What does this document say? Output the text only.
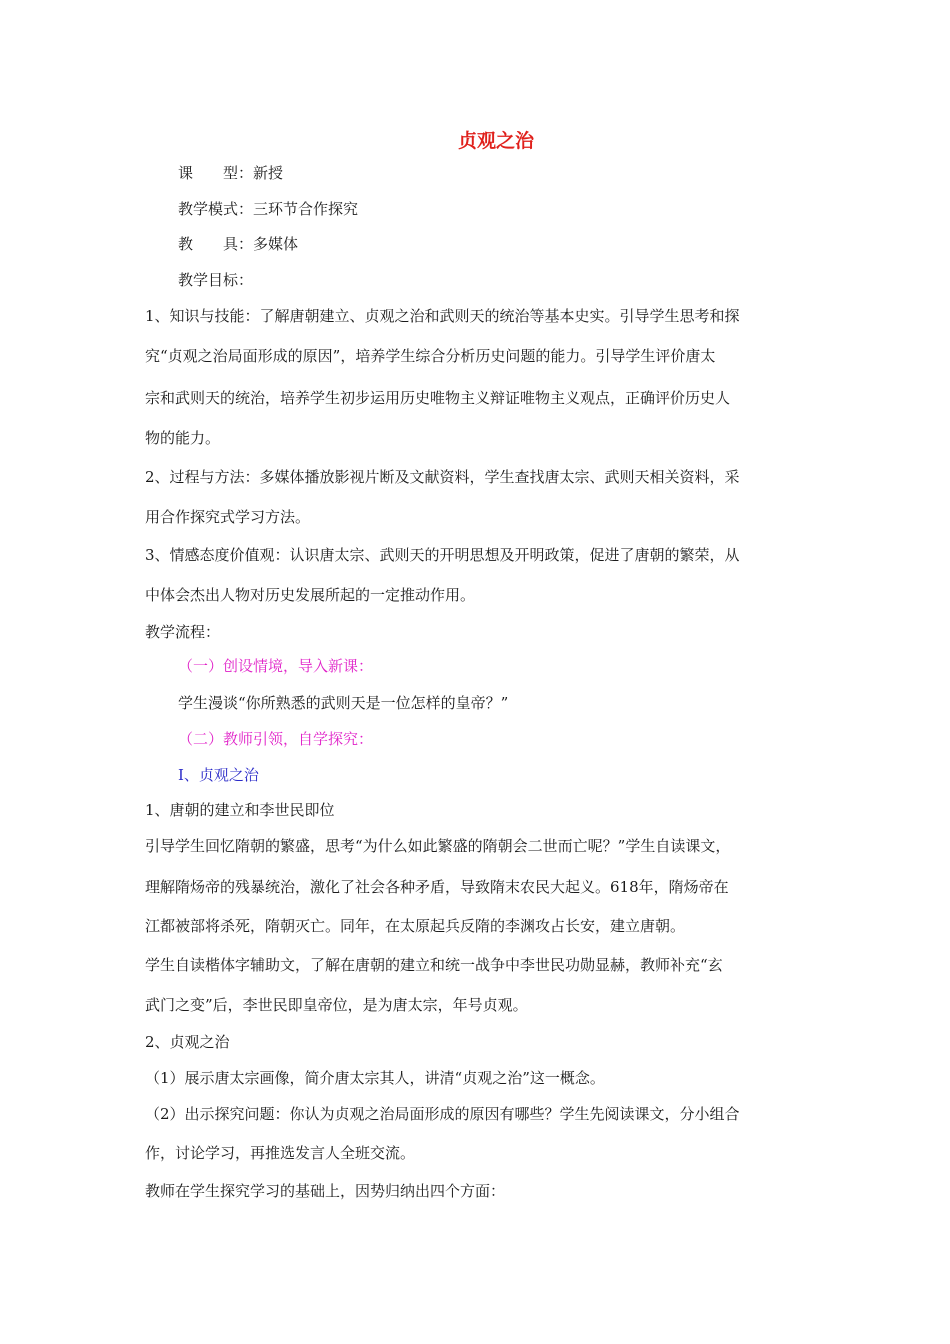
贞观之治
课　　型：新授
教学模式：三环节合作探究
教　　具：多媒体
教学目标：
1、知识与技能：了解唐朝建立、贞观之治和武则天的统治等基本史实。引导学生思考和探
究“贞观之治局面形成的原因”，培养学生综合分析历史问题的能力。引导学生评价唐太
宗和武则天的统治，培养学生初步运用历史唯物主义辩证唯物主义观点，正确评价历史人
物的能力。
2、过程与方法：多媒体播放影视片断及文献资料，学生查找唐太宗、武则天相关资料，采
用合作探究式学习方法。
3、情感态度价值观：认识唐太宗、武则天的开明思想及开明政策，促进了唐朝的繁荣，从
中体会杰出人物对历史发展所起的一定推动作用。
教学流程：
（一）创设情境，导入新课：
学生漫谈“你所熟悉的武则天是一位怎样的皇帝？”
（二）教师引领，自学探究：
Ⅰ、贞观之治
1、唐朝的建立和李世民即位
引导学生回忆隋朝的繁盛，思考“为什么如此繁盛的隋朝会二世而亡呢？”学生自读课文，
理解隋炀帝的残暴统治，激化了社会各种矛盾，导致隋末农民大起义。618年，隋炀帝在
江都被部将杀死，隋朝灭亡。同年，在太原起兵反隋的李渊攻占长安，建立唐朝。
学生自读楷体字辅助文，了解在唐朝的建立和统一战争中李世民功勋显赫，教师补充“玄
武门之变”后，李世民即皇帝位，是为唐太宗，年号贞观。
2、贞观之治
（1）展示唐太宗画像，简介唐太宗其人，讲清“贞观之治”这一概念。
（2）出示探究问题：你认为贞观之治局面形成的原因有哪些？学生先阅读课文，分小组合
作，讨论学习，再推选发言人全班交流。
教师在学生探究学习的基础上，因势归纳出四个方面：
